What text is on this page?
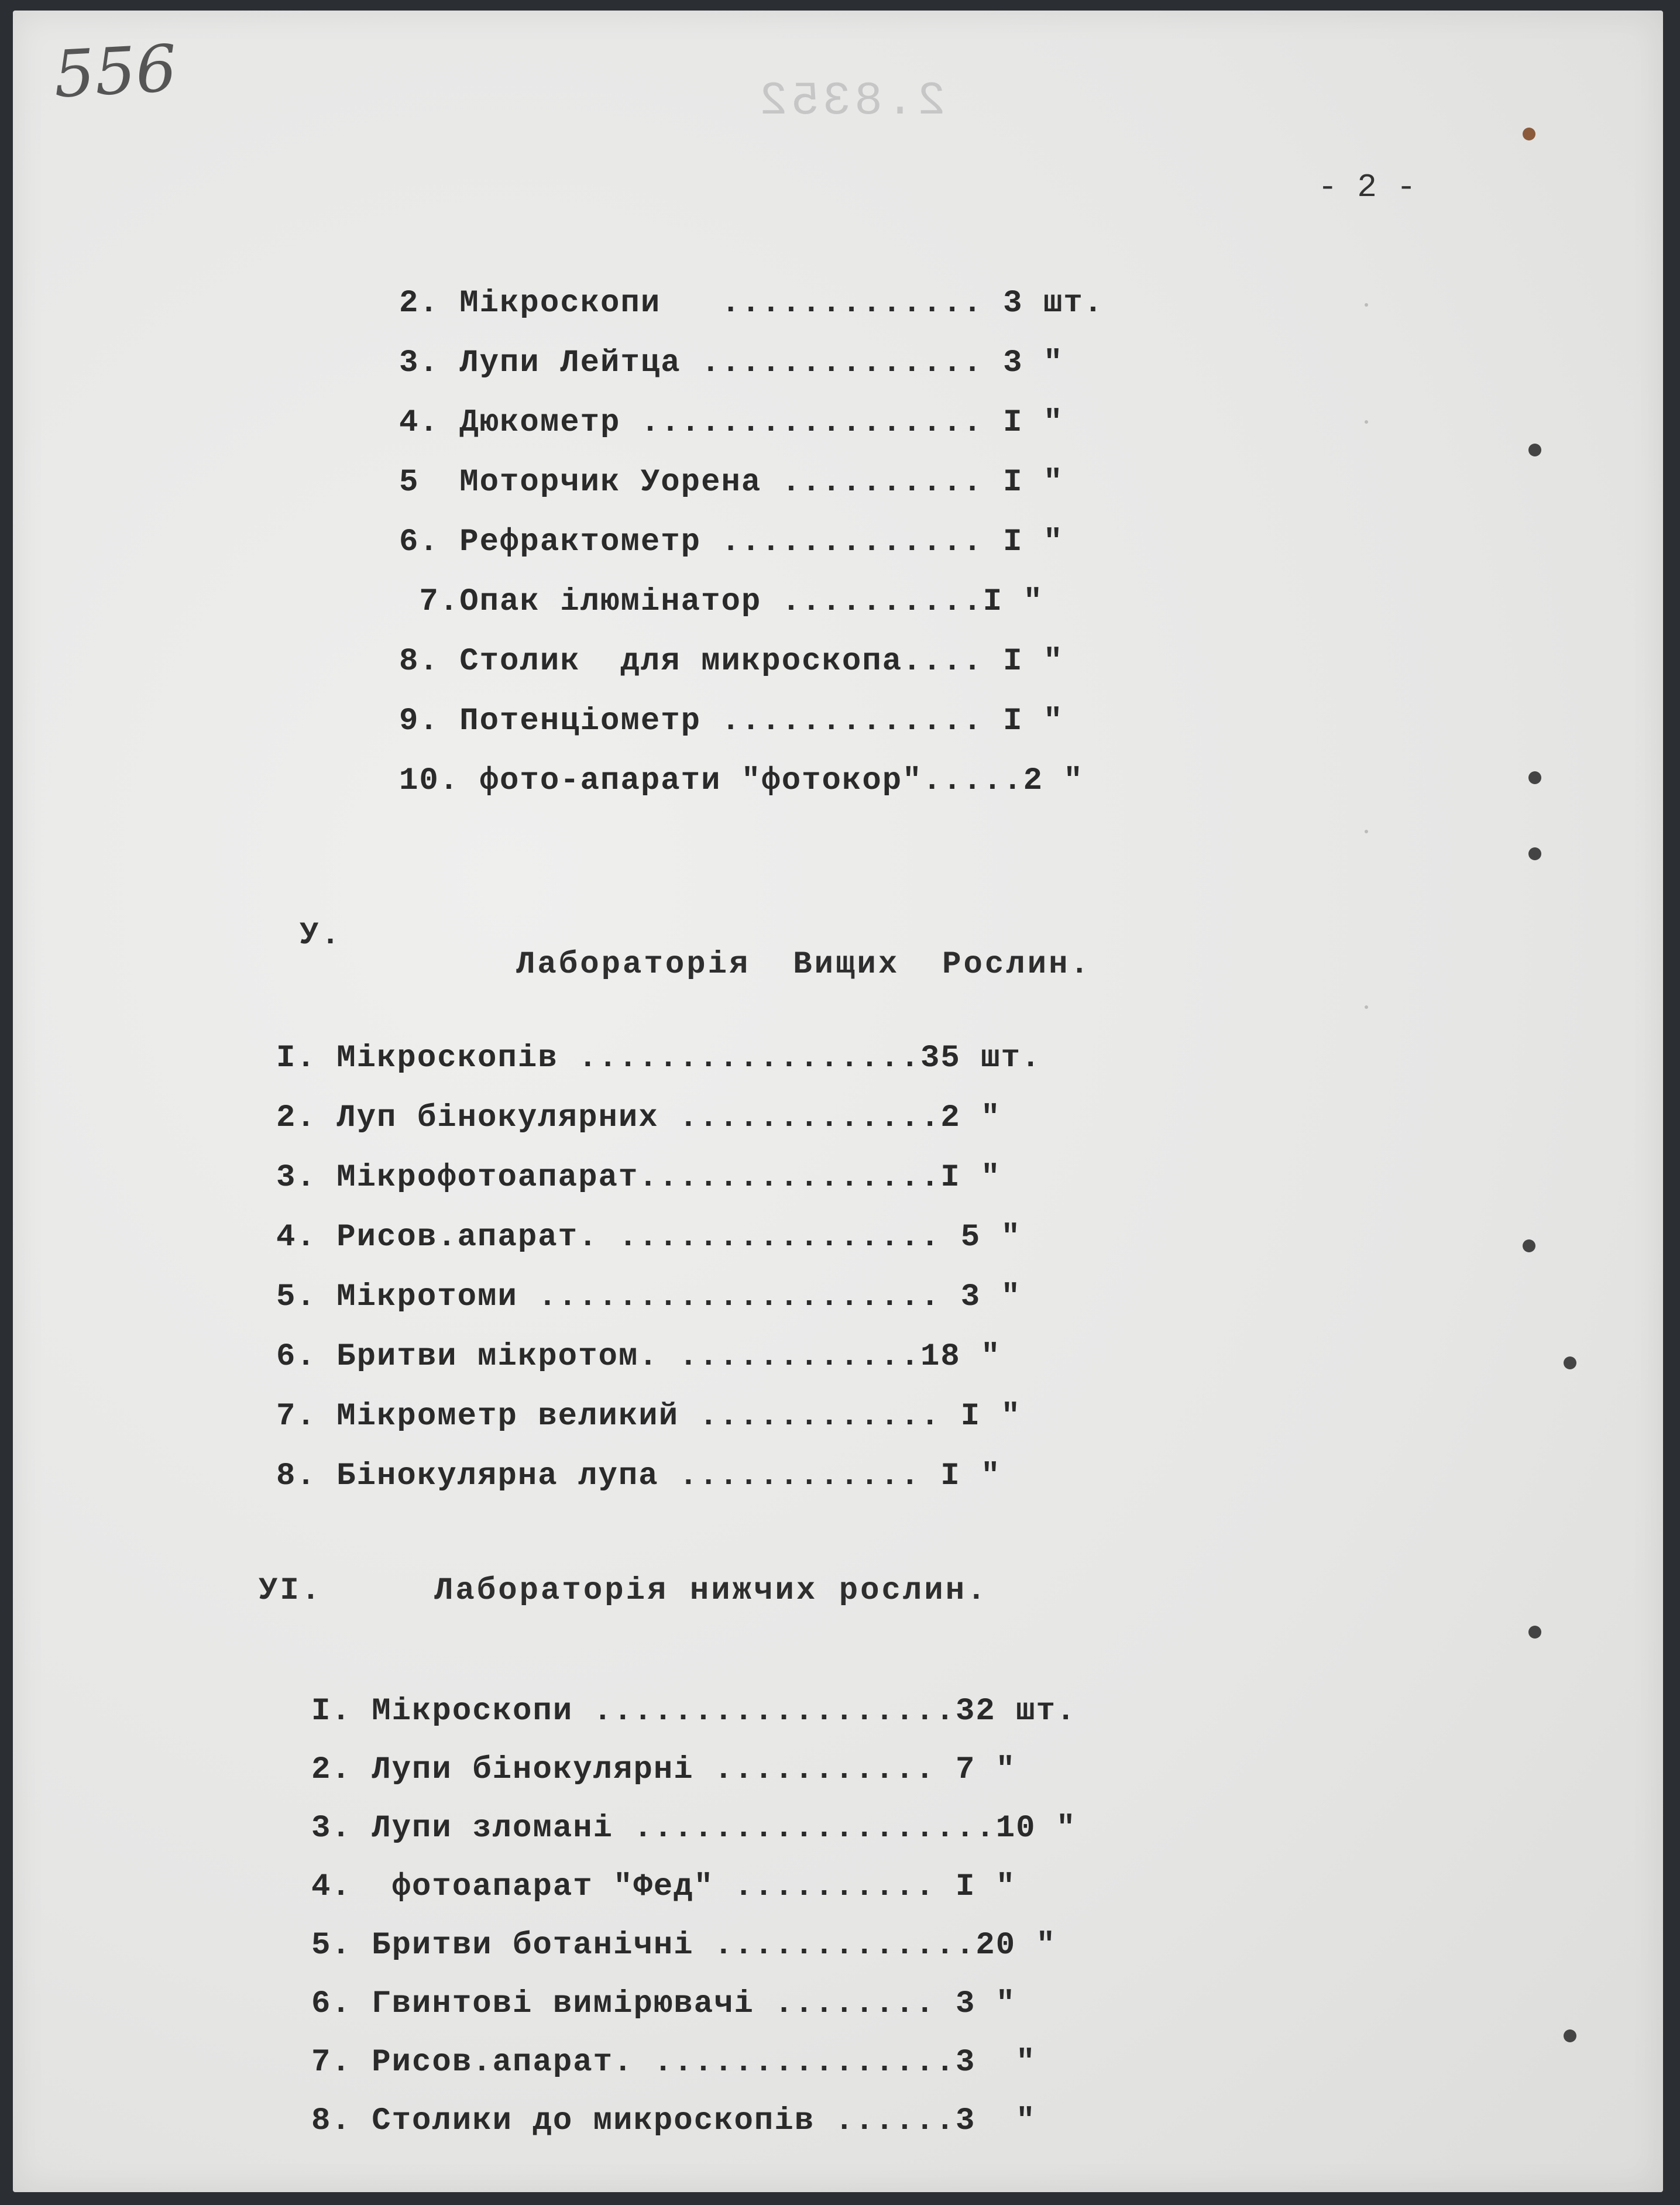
556	2.8352
- 2 -
2. Мікроскопи   ............. 3 шт.
3. Лупи Лейтца .............. 3 "
4. Дюкометр ................. I "
5  Моторчик Уорена .......... I "
6. Рефрактометр ............. I "
7.Опак ілюмінатор ..........I "
8. Столик  для микроскопа.... I "
9. Потенціометр ............. I "
10. фото-апарати "фотокор".....2 "
У.
Лабораторія  Вищих  Рослин.
I. Мікроскопів .................35 шт.
2. Луп бінокулярних .............2 "
3. Мікрофотоапарат...............I "
4. Рисов.апарат. ................ 5 "
5. Мікротоми .................... 3 "
6. Бритви мікротом. ............18 "
7. Мікрометр великий ............ I "
8. Бінокулярна лупа ............ I "
УI.	Лабораторія нижчих рослин.
I. Мікроскопи ..................32 шт.
2. Лупи бінокулярні ........... 7 "
3. Лупи зломані ..................10 "
4.  фотоапарат "Фед" .......... I "
5. Бритви ботанічні .............20 "
6. Гвинтові вимірювачі ........ 3 "
7. Рисов.апарат. ...............3  "
8. Столики до микроскопів ......3  "
